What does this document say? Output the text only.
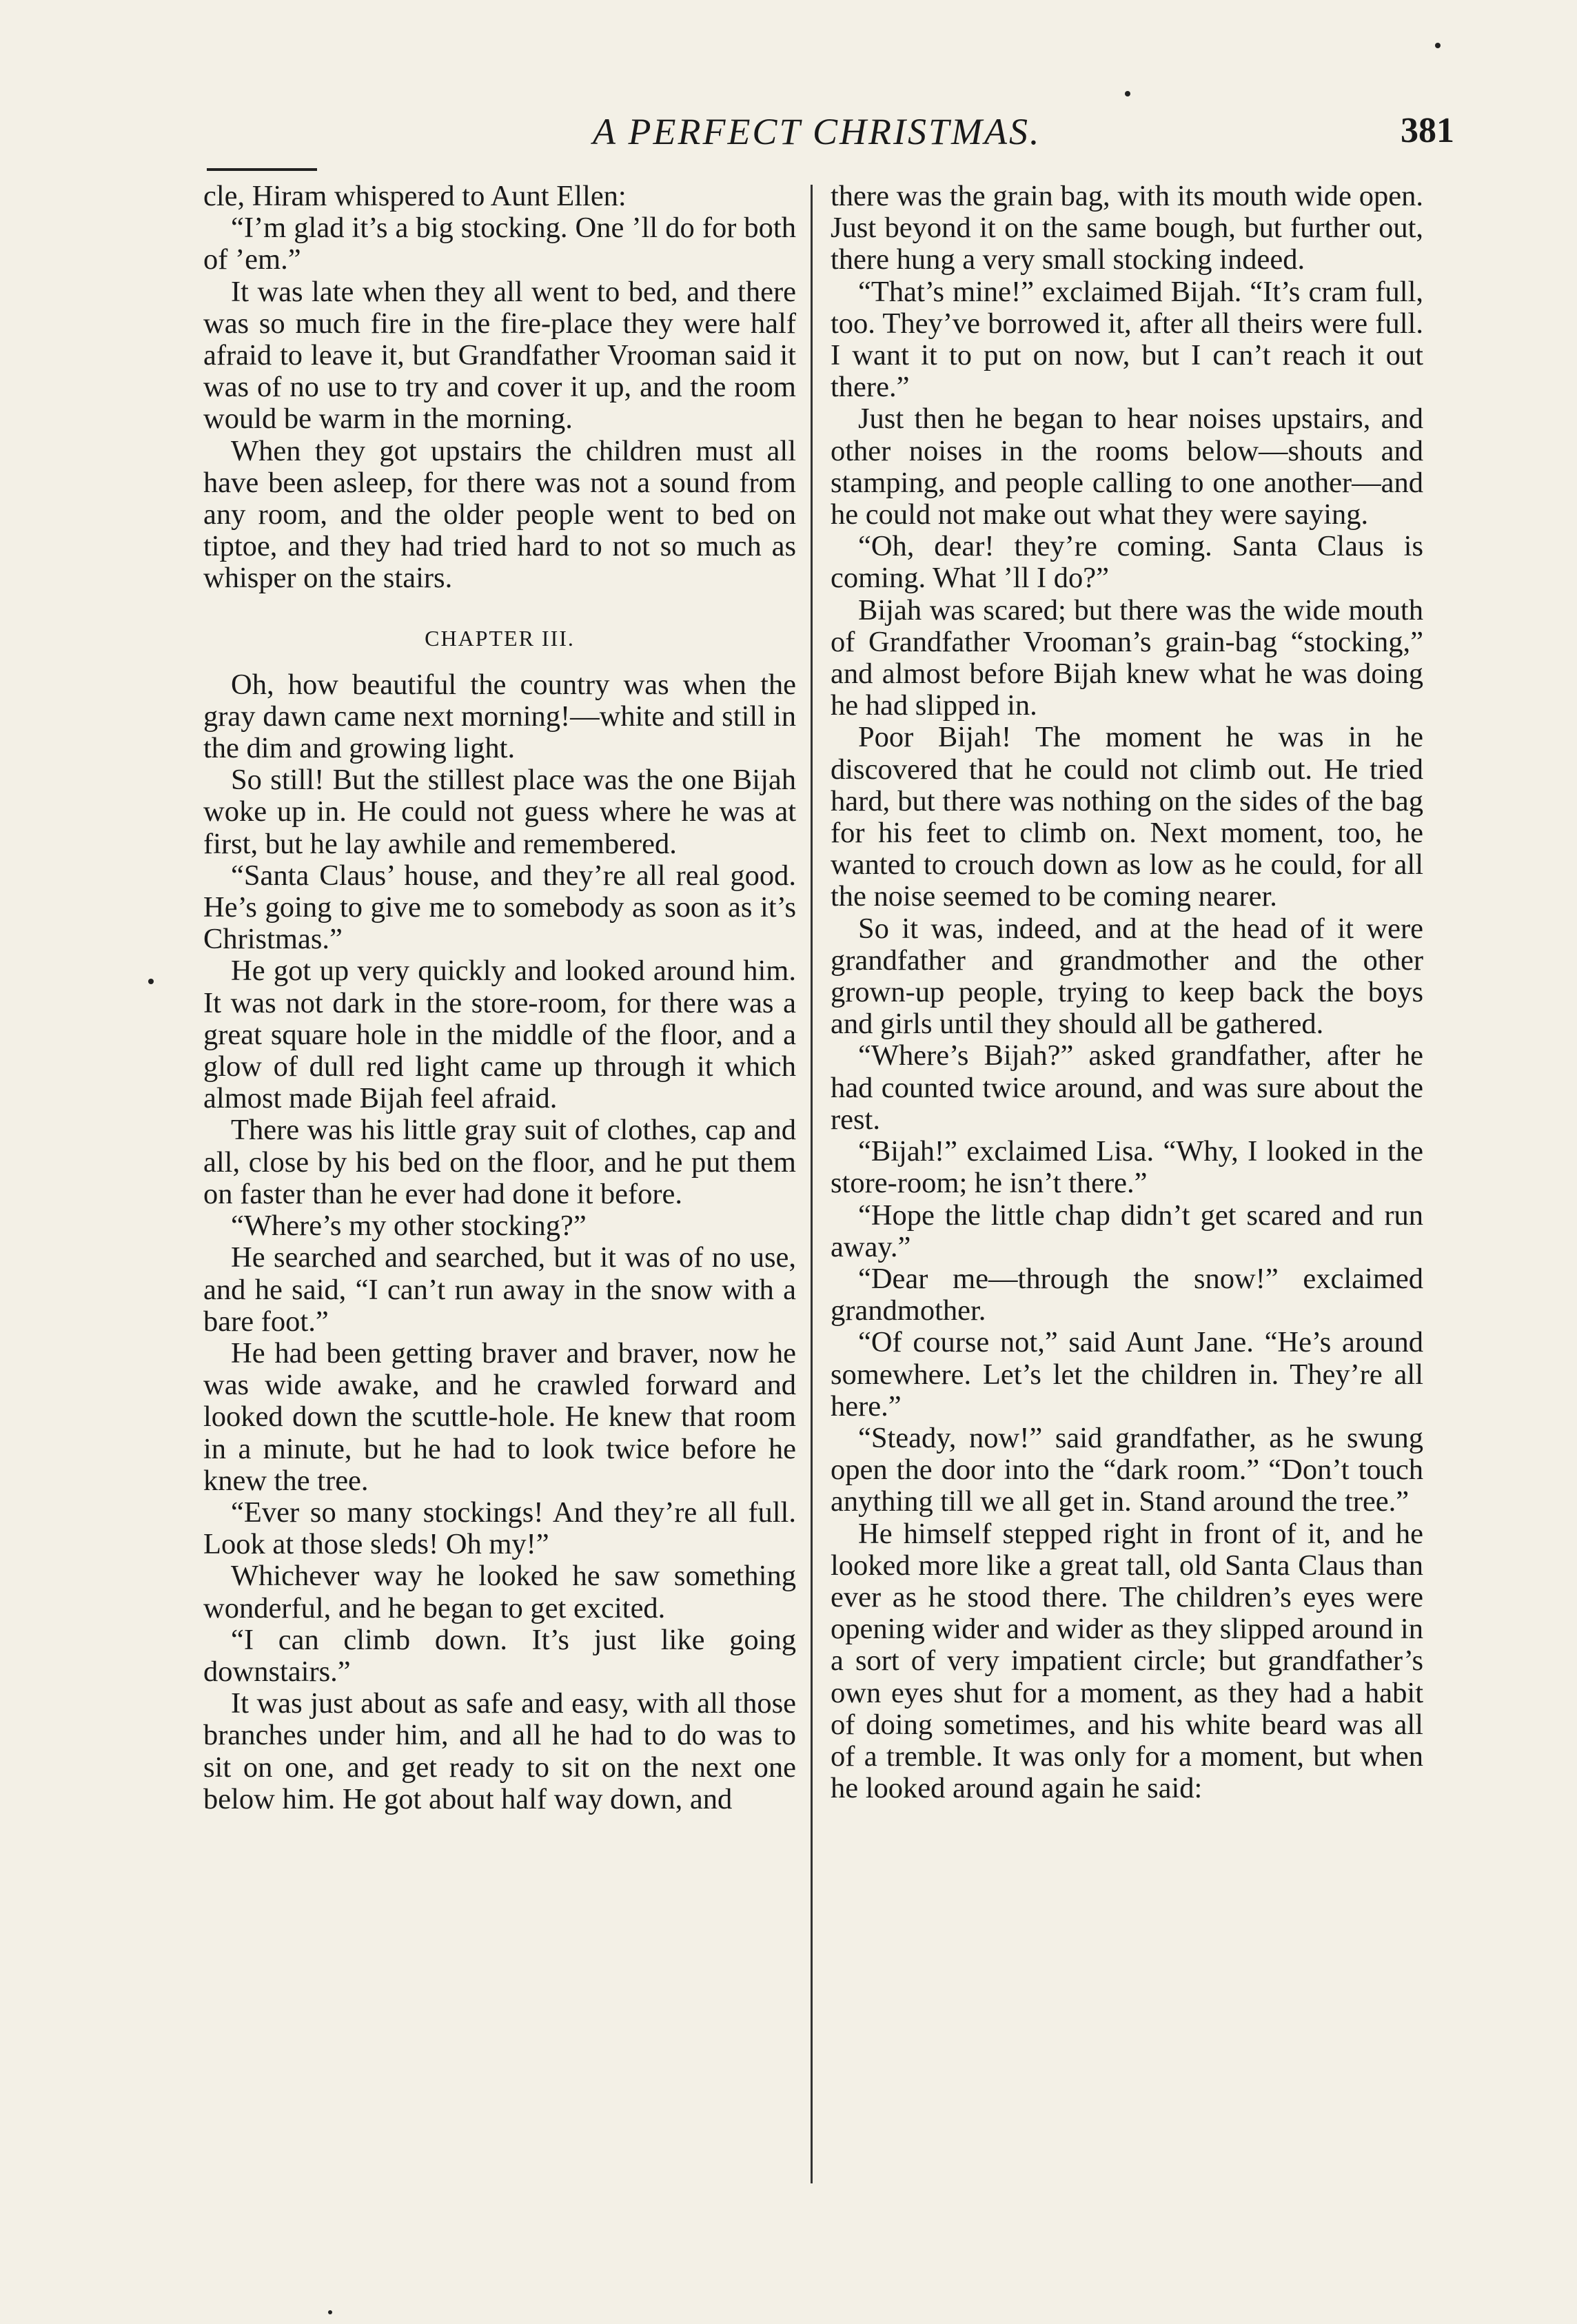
A PERFECT CHRISTMAS.	381

cle, Hiram whispered to Aunt Ellen:

“I’m glad it’s a big stocking. One ’ll do for both of ’em.”

It was late when they all went to bed, and there was so much fire in the fire-place they were half afraid to leave it, but Grandfather Vrooman said it was of no use to try and cover it up, and the room would be warm in the morning.

When they got upstairs the children must all have been asleep, for there was not a sound from any room, and the older people went to bed on tiptoe, and they had tried hard to not so much as whisper on the stairs.

CHAPTER III.

Oh, how beautiful the country was when the gray dawn came next morning!—white and still in the dim and growing light.

So still! But the stillest place was the one Bijah woke up in. He could not guess where he was at first, but he lay awhile and remembered.

“Santa Claus’ house, and they’re all real good. He’s going to give me to somebody as soon as it’s Christmas.”

He got up very quickly and looked around him. It was not dark in the store-room, for there was a great square hole in the middle of the floor, and a glow of dull red light came up through it which almost made Bijah feel afraid.

There was his little gray suit of clothes, cap and all, close by his bed on the floor, and he put them on faster than he ever had done it before.

“Where’s my other stocking?”

He searched and searched, but it was of no use, and he said, “I can’t run away in the snow with a bare foot.”

He had been getting braver and braver, now he was wide awake, and he crawled forward and looked down the scuttle-hole. He knew that room in a minute, but he had to look twice before he knew the tree.

“Ever so many stockings! And they’re all full. Look at those sleds! Oh my!”

Whichever way he looked he saw something wonderful, and he began to get excited.

“I can climb down. It’s just like going downstairs.”

It was just about as safe and easy, with all those branches under him, and all he had to do was to sit on one, and get ready to sit on the next one below him. He got about half way down, and

there was the grain bag, with its mouth wide open. Just beyond it on the same bough, but further out, there hung a very small stocking indeed.

“That’s mine!” exclaimed Bijah. “It’s cram full, too. They’ve borrowed it, after all theirs were full. I want it to put on now, but I can’t reach it out there.”

Just then he began to hear noises upstairs, and other noises in the rooms below—shouts and stamping, and people calling to one another—and he could not make out what they were saying.

“Oh, dear! they’re coming. Santa Claus is coming. What ’ll I do?”

Bijah was scared; but there was the wide mouth of Grandfather Vrooman’s grain-bag “stocking,” and almost before Bijah knew what he was doing he had slipped in.

Poor Bijah! The moment he was in he discovered that he could not climb out. He tried hard, but there was nothing on the sides of the bag for his feet to climb on. Next moment, too, he wanted to crouch down as low as he could, for all the noise seemed to be coming nearer.

So it was, indeed, and at the head of it were grandfather and grandmother and the other grown-up people, trying to keep back the boys and girls until they should all be gathered.

“Where’s Bijah?” asked grandfather, after he had counted twice around, and was sure about the rest.

“Bijah!” exclaimed Lisa. “Why, I looked in the store-room; he isn’t there.”

“Hope the little chap didn’t get scared and run away.”

“Dear me—through the snow!” exclaimed grandmother.

“Of course not,” said Aunt Jane. “He’s around somewhere. Let’s let the children in. They’re all here.”

“Steady, now!” said grandfather, as he swung open the door into the “dark room.” “Don’t touch anything till we all get in. Stand around the tree.”

He himself stepped right in front of it, and he looked more like a great tall, old Santa Claus than ever as he stood there. The children’s eyes were opening wider and wider as they slipped around in a sort of very impatient circle; but grandfather’s own eyes shut for a moment, as they had a habit of doing sometimes, and his white beard was all of a tremble. It was only for a moment, but when he looked around again he said:
